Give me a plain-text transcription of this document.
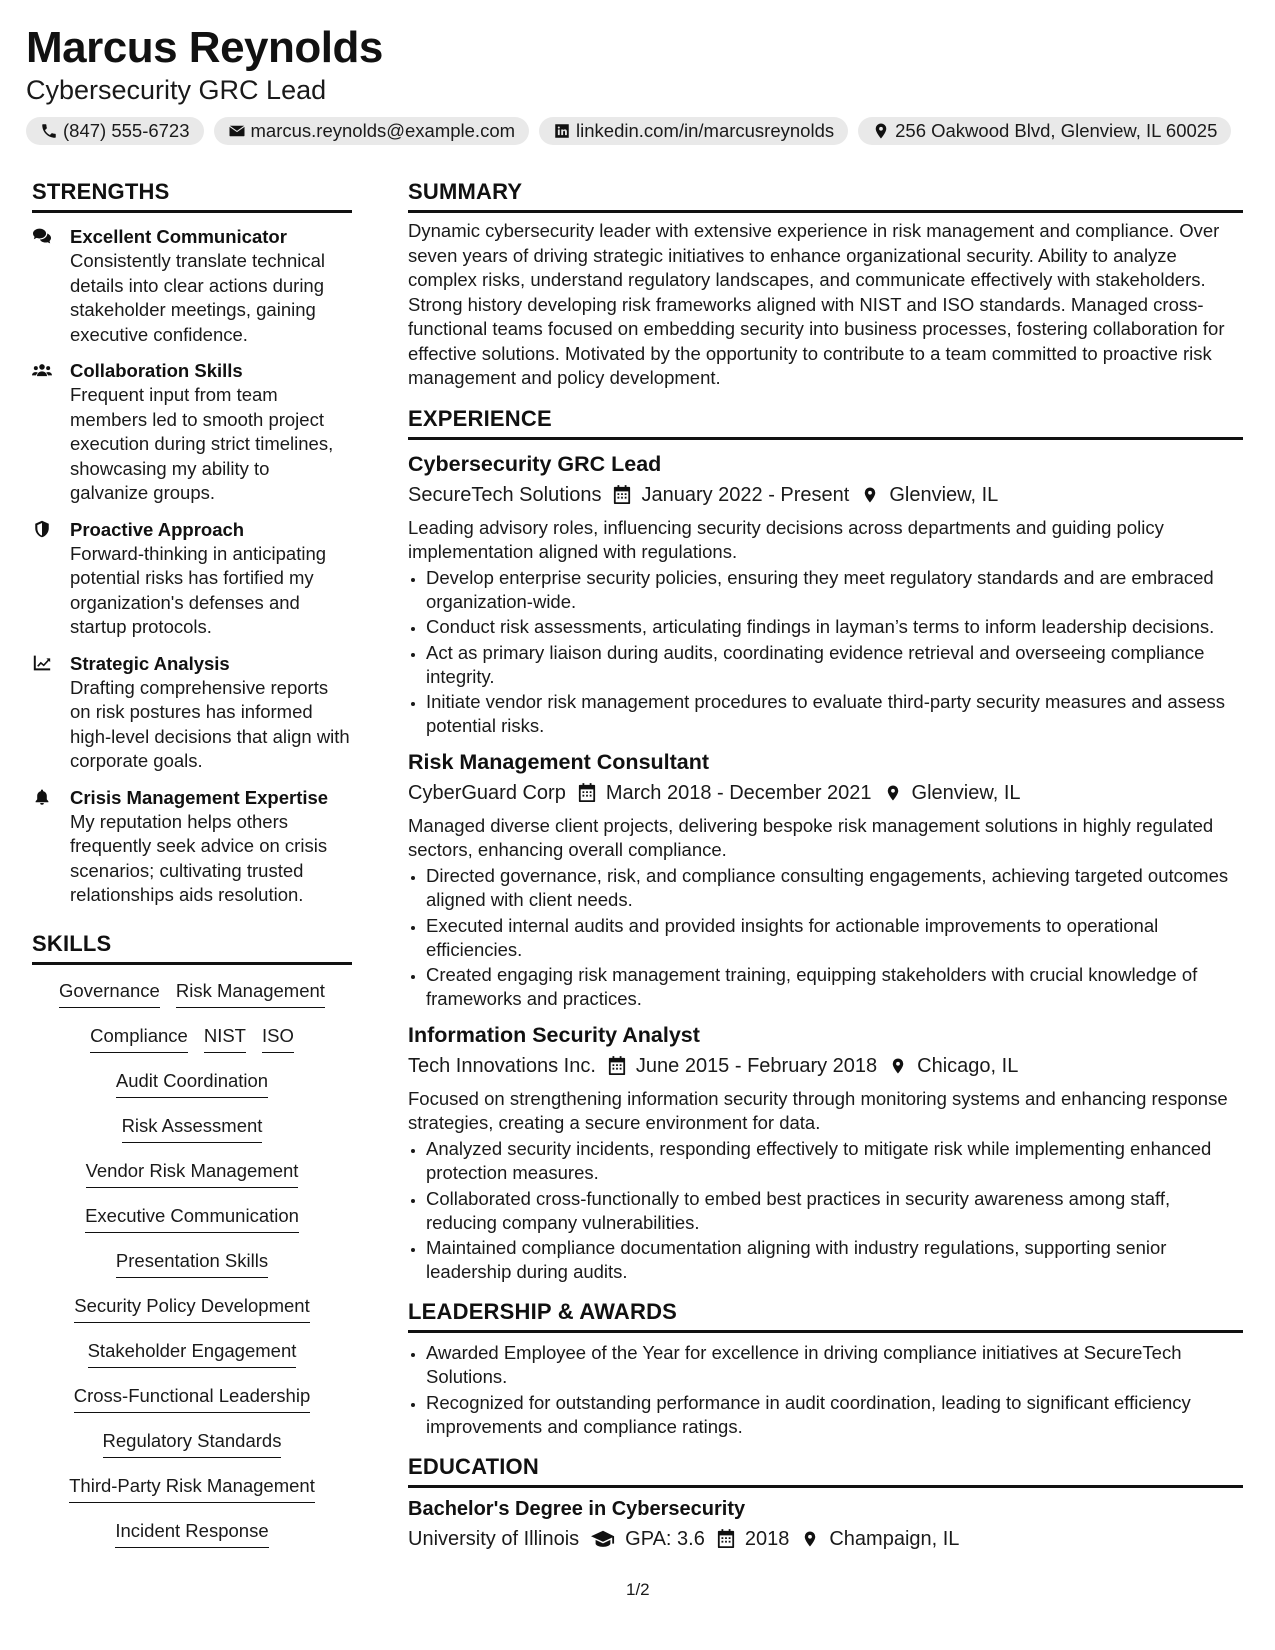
Marcus Reynolds
Cybersecurity GRC Lead
(847) 555-6723	marcus.reynolds@example.com	linkedin.com/in/marcusreynolds	256 Oakwood Blvd, Glenview, IL 60025
STRENGTHS
Excellent Communicator
Consistently translate technical details into clear actions during stakeholder meetings, gaining executive confidence.
Collaboration Skills
Frequent input from team members led to smooth project execution during strict timelines, showcasing my ability to galvanize groups.
Proactive Approach
Forward-thinking in anticipating potential risks has fortified my organization's defenses and startup protocols.
Strategic Analysis
Drafting comprehensive reports on risk postures has informed high-level decisions that align with corporate goals.
Crisis Management Expertise
My reputation helps others frequently seek advice on crisis scenarios; cultivating trusted relationships aids resolution.
SKILLS
Governance Risk Management
Compliance NIST ISO
Audit Coordination
Risk Assessment
Vendor Risk Management
Executive Communication
Presentation Skills
Security Policy Development
Stakeholder Engagement
Cross-Functional Leadership
Regulatory Standards
Third-Party Risk Management
Incident Response
SUMMARY
Dynamic cybersecurity leader with extensive experience in risk management and compliance. Over seven years of driving strategic initiatives to enhance organizational security. Ability to analyze complex risks, understand regulatory landscapes, and communicate effectively with stakeholders. Strong history developing risk frameworks aligned with NIST and ISO standards. Managed cross-functional teams focused on embedding security into business processes, fostering collaboration for effective solutions. Motivated by the opportunity to contribute to a team committed to proactive risk management and policy development.
EXPERIENCE
Cybersecurity GRC Lead
SecureTech Solutions January 2022 - Present Glenview, IL
Leading advisory roles, influencing security decisions across departments and guiding policy implementation aligned with regulations.
• Develop enterprise security policies, ensuring they meet regulatory standards and are embraced organization-wide.
• Conduct risk assessments, articulating findings in layman’s terms to inform leadership decisions.
• Act as primary liaison during audits, coordinating evidence retrieval and overseeing compliance integrity.
• Initiate vendor risk management procedures to evaluate third-party security measures and assess potential risks.
Risk Management Consultant
CyberGuard Corp March 2018 - December 2021 Glenview, IL
Managed diverse client projects, delivering bespoke risk management solutions in highly regulated sectors, enhancing overall compliance.
• Directed governance, risk, and compliance consulting engagements, achieving targeted outcomes aligned with client needs.
• Executed internal audits and provided insights for actionable improvements to operational efficiencies.
• Created engaging risk management training, equipping stakeholders with crucial knowledge of frameworks and practices.
Information Security Analyst
Tech Innovations Inc. June 2015 - February 2018 Chicago, IL
Focused on strengthening information security through monitoring systems and enhancing response strategies, creating a secure environment for data.
• Analyzed security incidents, responding effectively to mitigate risk while implementing enhanced protection measures.
• Collaborated cross-functionally to embed best practices in security awareness among staff, reducing company vulnerabilities.
• Maintained compliance documentation aligning with industry regulations, supporting senior leadership during audits.
LEADERSHIP & AWARDS
• Awarded Employee of the Year for excellence in driving compliance initiatives at SecureTech Solutions.
• Recognized for outstanding performance in audit coordination, leading to significant efficiency improvements and compliance ratings.
EDUCATION
Bachelor's Degree in Cybersecurity
University of Illinois GPA: 3.6 2018 Champaign, IL
1/2
